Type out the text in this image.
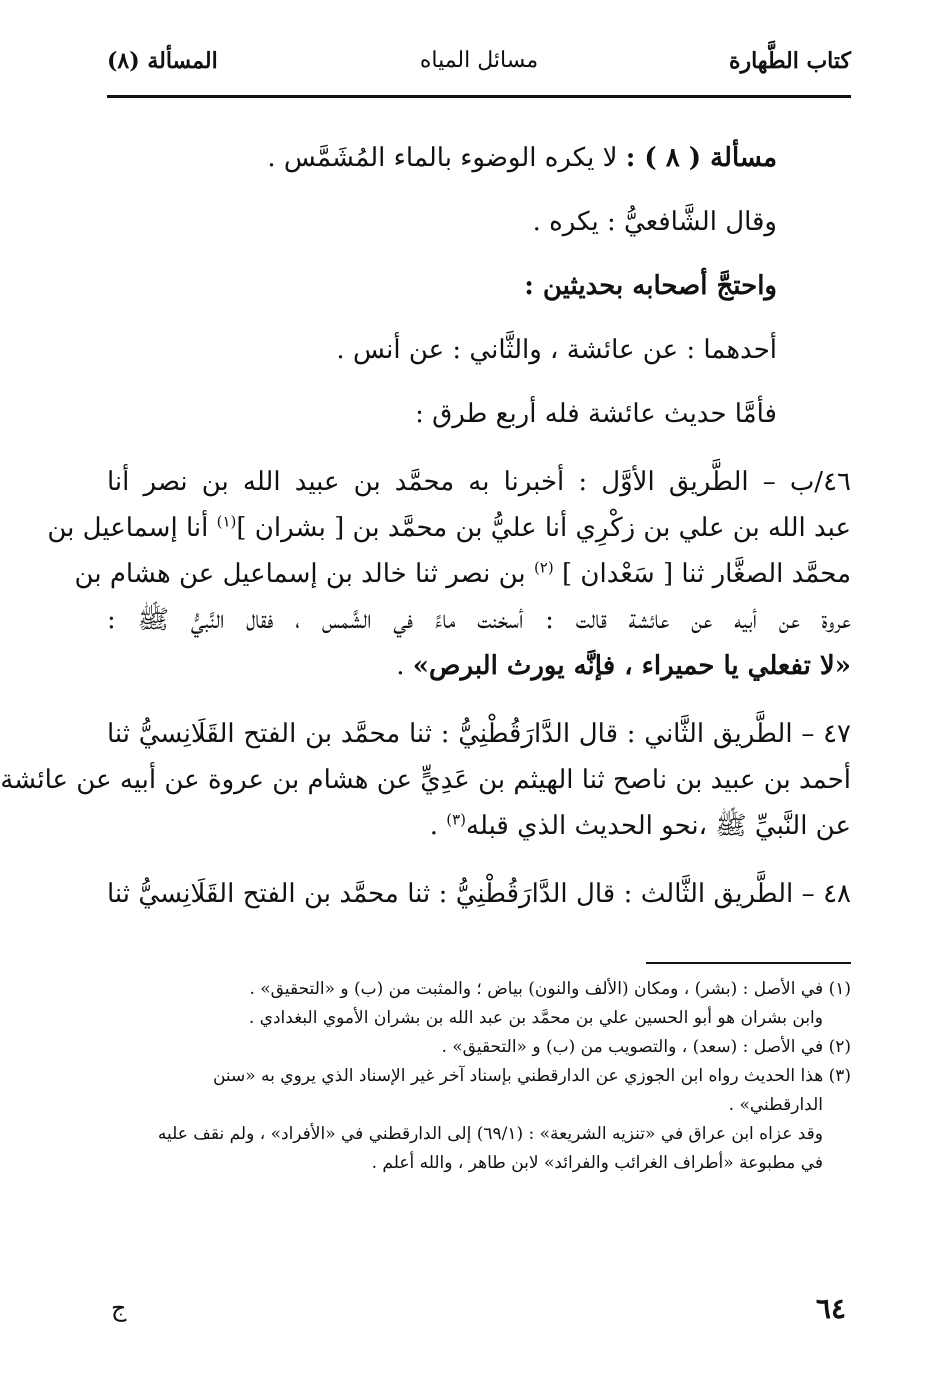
كتاب الطَّهارة
مسائل المياه
المسألة (٨)
مسألة ( ٨ ) : لا يكره الوضوء بالماء المُشَمَّس .
وقال الشَّافعيُّ : يكره .
واحتجَّ أصحابه بحديثين :
أحدهما : عن عائشة ، والثَّاني : عن أنس .
فأمَّا حديث عائشة فله أربع طرق :
٤٦/ب – الطَّريق الأوَّل : أخبرنا به محمَّد بن عبيد الله بن نصر أنا
عبد الله بن علي بن زكْرِي أنا عليُّ بن محمَّد بن [ بشران ]$^{(١)}$ أنا إسماعيل بن
محمَّد الصغَّار ثنا [ سَعْدان ] $^{(٢)}$ بن نصر ثنا خالد بن إسماعيل عن هشام بن
عروة عن أبيه عن عائشة قالت : أسخنت ماءً في الشَّمس ، فقال النَّبيُّ ﷺ :
«لا تفعلي يا حميراء ، فإنَّه يورث البرص» .
٤٧ – الطَّريق الثَّاني : قال الدَّارَقُطْنِيُّ : ثنا محمَّد بن الفتح القَلَانِسيُّ ثنا
أحمد بن عبيد بن ناصح ثنا الهيثم بن عَدِيٍّ عن هشام بن عروة عن أبيه عن عائشة
عن النَّبيِّ ﷺ ،نحو الحديث الذي قبله$^{(٣)}$ .
٤٨ – الطَّريق الثَّالث : قال الدَّارَقُطْنِيُّ : ثنا محمَّد بن الفتح القَلَانِسيُّ ثنا
(١) في الأصل : (بشر) ، ومكان (الألف والنون) بياض ؛ والمثبت من (ب) و «التحقيق» .
وابن بشران هو أبو الحسين علي بن محمَّد بن عبد الله بن بشران الأموي البغدادي .
(٢) في الأصل : (سعد) ، والتصويب من (ب) و «التحقيق» .
(٣) هذا الحديث رواه ابن الجوزي عن الدارقطني بإسناد آخر غير الإسناد الذي يروي به «سنن
الدارقطني» .
وقد عزاه ابن عراق في «تنزيه الشريعة» : (٦٩/١) إلى الدارقطني في «الأفراد» ، ولم نقف عليه
في مطبوعة «أطراف الغرائب والفرائد» لابن طاهر ، والله أعلم .
٦٤
ج
